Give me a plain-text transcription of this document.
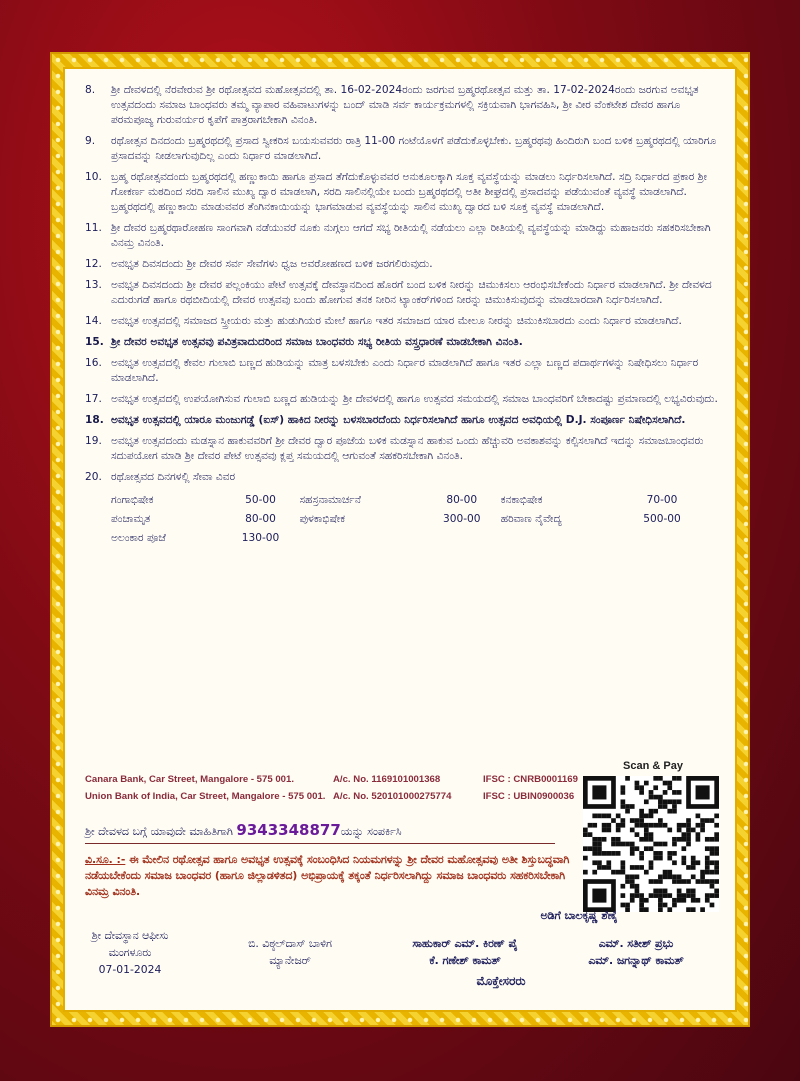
8. ಶ್ರೀ ದೇವಳದಲ್ಲಿ ನೆರವೇರುವ ಶ್ರೀ ರಥೋತ್ಸವದ ಮಹೋತ್ಸವದಲ್ಲಿ ತಾ. 16-02-2024ರಂದು ಜರಗುವ ಬ್ರಹ್ಮರಥೋತ್ಸವ ಮತ್ತು ತಾ. 17-02-2024ರಂದು ಜರಗುವ ಅವಭೃತ ಉತ್ಸವದಂದು ಸಮಾಜ ಬಾಂಧವರು ತಮ್ಮ ವ್ಯಾಪಾರ ವಹಿವಾಟುಗಳನ್ನು ಬಂದ್ ಮಾಡಿ ಸರ್ವ ಕಾರ್ಯಕ್ರಮಗಳಲ್ಲಿ ಸಕ್ರಿಯವಾಗಿ ಭಾಗವಹಿಸಿ, ಶ್ರೀ ವೀರ ವೆಂಕಟೇಶ ದೇವರ ಹಾಗೂ ಪರಮಪೂಜ್ಯ ಗುರುವರ್ಯರ ಕೃಪೆಗೆ ಪಾತ್ರರಾಗಬೇಕಾಗಿ ವಿನಂತಿ.
9. ರಥೋತ್ಸವ ದಿನದಂದು ಬ್ರಹ್ಮರಥದಲ್ಲಿ ಪ್ರಸಾದ ಸ್ವೀಕರಿಸ ಬಯಸುವವರು ರಾತ್ರಿ 11-00 ಗಂಟೆಯೊಳಗೆ ಪಡೆದುಕೊಳ್ಳಬೇಕು. ಬ್ರಹ್ಮರಥವು ಹಿಂದಿರುಗಿ ಬಂದ ಬಳಿಕ ಬ್ರಹ್ಮರಥದಲ್ಲಿ ಯಾರಿಗೂ ಪ್ರಸಾದವನ್ನು ನೀಡಲಾಗುವುದಿಲ್ಲ ಎಂದು ನಿರ್ಧಾರ ಮಾಡಲಾಗಿದೆ.
10. ಬ್ರಹ್ಮ ರಥೋತ್ಸವದಂದು ಬ್ರಹ್ಮರಥದಲ್ಲಿ ಹಣ್ಣುಕಾಯಿ ಹಾಗೂ ಪ್ರಸಾದ ತೆಗೆದುಕೊಳ್ಳುವವರ ಅನುಕೂಲಕ್ಕಾಗಿ ಸೂಕ್ತ ವ್ಯವಸ್ಥೆಯನ್ನು ಮಾಡಲು ನಿರ್ಧರಿಸಲಾಗಿದೆ. ಸದ್ರಿ ನಿರ್ಧಾರದ ಪ್ರಕಾರ ಶ್ರೀ ಗೋಕರ್ಣ ಮಠದಿಂದ ಸರದಿ ಸಾಲಿನ ಮುಖ್ಯ ದ್ವಾರ ಮಾಡಲಾಗಿ, ಸರದಿ ಸಾಲಿನಲ್ಲಿಯೇ ಬಂದು ಬ್ರಹ್ಮರಥದಲ್ಲಿ ಅತೀ ಶೀಘ್ರದಲ್ಲಿ ಪ್ರಸಾದವನ್ನು ಪಡೆಯುವಂತೆ ವ್ಯವಸ್ಥೆ ಮಾಡಲಾಗಿದೆ. ಬ್ರಹ್ಮರಥದಲ್ಲಿ ಹಣ್ಣುಕಾಯಿ ಮಾಡುವವರ ತೆಂಗಿನಕಾಯಿಯನ್ನು ಭಾಗಮಾಡುವ ವ್ಯವಸ್ಥೆಯನ್ನು ಸಾಲಿನ ಮುಖ್ಯ ದ್ವಾರದ ಬಳಿ ಸೂಕ್ತ ವ್ಯವಸ್ಥೆ ಮಾಡಲಾಗಿದೆ.
11. ಶ್ರೀ ದೇವರ ಬ್ರಹ್ಮರಥಾರೋಹಣ ಸಾಂಗವಾಗಿ ನಡೆಯುವರೆ ನೂಕು ನುಗ್ಗಲು ಆಗದೆ ಸಭ್ಯ ರೀತಿಯಲ್ಲಿ ನಡೆಯಲು ಎಲ್ಲಾ ರೀತಿಯಲ್ಲಿ ವ್ಯವಸ್ಥೆಯನ್ನು ಮಾಡಿದ್ದು ಮಹಾಜನರು ಸಹಕರಿಸಬೇಕಾಗಿ ವಿನಮ್ರ ವಿನಂತಿ.
12. ಅವಭೃತ ದಿವಸದಂದು ಶ್ರೀ ದೇವರ ಸರ್ವ ಸೇವೆಗಳು ಧ್ವಜ ಅವರೋಹಣದ ಬಳಿಕ ಜರಗಲಿರುವುದು.
13. ಅವಭೃತ ದಿವಸದಂದು ಶ್ರೀ ದೇವರ ಪಲ್ಲಂಕಿಯು ಪೇಟೆ ಉತ್ಸವಕ್ಕೆ ದೇವಸ್ಥಾನದಿಂದ ಹೊರಗೆ ಬಂದ ಬಳಿಕ ನೀರನ್ನು ಚಿಮುಕಿಸಲು ಆರಂಭಿಸಬೇಕೆಂದು ನಿರ್ಧಾರ ಮಾಡಲಾಗಿದೆ. ಶ್ರೀ ದೇವಳದ ಎದುರುಗಡೆ ಹಾಗೂ ರಥಬೀದಿಯಲ್ಲಿ ದೇವರ ಉತ್ಸವವು ಬಂದು ಹೋಗುವ ತನಕ ನೀರಿನ ಟ್ಯಾಂಕರ್‌ಗಳಿಂದ ನೀರನ್ನು ಚಿಮುಕಿಸುವುದನ್ನು ಮಾಡಬಾರದಾಗಿ ನಿರ್ಧರಿಸಲಾಗಿದೆ.
14. ಅವಭೃತ ಉತ್ಸವದಲ್ಲಿ ಸಮಾಜದ ಸ್ತ್ರೀಯರು ಮತ್ತು ಹುಡುಗಿಯರ ಮೇಲೆ ಹಾಗೂ ಇತರ ಸಮಾಜದ ಯಾರ ಮೇಲೂ ನೀರನ್ನು ಚಿಮುಕಿಸಬಾರದು ಎಂದು ನಿರ್ಧಾರ ಮಾಡಲಾಗಿದೆ.
15. ಶ್ರೀ ದೇವರ ಅವಭೃತ ಉತ್ಸವವು ಪವಿತ್ರವಾದುದರಿಂದ ಸಮಾಜ ಬಾಂಧವರು ಸಭ್ಯ ರೀತಿಯ ವಸ್ತ್ರಧಾರಣೆ ಮಾಡಬೇಕಾಗಿ ವಿನಂತಿ.
16. ಅವಭೃತ ಉತ್ಸವದಲ್ಲಿ ಕೇವಲ ಗುಲಾಬಿ ಬಣ್ಣದ ಹುಡಿಯನ್ನು ಮಾತ್ರ ಬಳಸಬೇಕು ಎಂದು ನಿರ್ಧಾರ ಮಾಡಲಾಗಿದೆ ಹಾಗೂ ಇತರ ಎಲ್ಲಾ ಬಣ್ಣದ ಪದಾರ್ಥಗಳನ್ನು ನಿಷೇಧಿಸಲು ನಿರ್ಧಾರ ಮಾಡಲಾಗಿದೆ.
17. ಅವಭೃತ ಉತ್ಸವದಲ್ಲಿ ಉಪಯೋಗಿಸುವ ಗುಲಾಬಿ ಬಣ್ಣದ ಹುಡಿಯನ್ನು ಶ್ರೀ ದೇವಳದಲ್ಲಿ ಹಾಗೂ ಉತ್ಸವದ ಸಮಯದಲ್ಲಿ ಸಮಾಜ ಬಾಂಧವರಿಗೆ ಬೇಕಾದಷ್ಟು ಪ್ರಮಾಣದಲ್ಲಿ ಲಭ್ಯವಿರುವುದು.
18. ಅವಭೃತ ಉತ್ಸವದಲ್ಲಿ ಯಾರೂ ಮಂಜುಗಡ್ಡೆ (ಐಸ್) ಹಾಕಿದ ನೀರನ್ನು ಬಳಸಬಾರದೆಂದು ನಿರ್ಧರಿಸಲಾಗಿದೆ ಹಾಗೂ ಉತ್ಸವದ ಅವಧಿಯಲ್ಲಿ D.J. ಸಂಪೂರ್ಣ ನಿಷೇಧಿಸಲಾಗಿದೆ.
19. ಅವಭೃತ ಉತ್ಸವದಂದು ಮಡಸ್ನಾನ ಹಾಕುವವರಿಗೆ ಶ್ರೀ ದೇವರ ದ್ವಾರ ಪೂಜೆಯ ಬಳಿಕ ಮಡಸ್ನಾನ ಹಾಕುವ ಒಂದು ಹೆಚ್ಚುವರಿ ಅವಕಾಶವನ್ನು ಕಲ್ಪಿಸಲಾಗಿದೆ ಇದನ್ನು ಸಮಾಜಬಾಂಧವರು ಸದುಪಯೋಗ ಮಾಡಿ ಶ್ರೀ ದೇವರ ಪೇಟೆ ಉತ್ಸವವು ಕ್ಲಪ್ತ ಸಮಯದಲ್ಲಿ ಆಗುವಂತೆ ಸಹಕರಿಸಬೇಕಾಗಿ ವಿನಂತಿ.
20. ರಥೋತ್ಸವದ ದಿನಗಳಲ್ಲಿ ಸೇವಾ ವಿವರ
ಗಂಗಾಭಿಷೇಕ	50-00	ಸಹಸ್ರನಾಮಾರ್ಚನೆ	80-00	ಕನಕಾಭಿಷೇಕ	70-00
ಪಂಚಾಮೃತ	80-00	ಪುಳಕಾಭಿಷೇಕ	300-00	ಹರಿವಾಣ ನೈವೇದ್ಯ	500-00
ಅಲಂಕಾರ ಪೂಜೆ	130-00				
Canara Bank, Car Street, Mangalore - 575 001.	A/c. No. 1169101001368	IFSC : CNRB0001169
Union Bank of India, Car Street, Mangalore - 575 001. A/c. No. 520101000275774	IFSC : UBIN0900036
Scan & Pay
ಶ್ರೀ ದೇವಳದ ಬಗ್ಗೆ ಯಾವುದೇ ಮಾಹಿತಿಗಾಗಿ 9343348877ಯನ್ನು ಸಂಪರ್ಕಿಸಿ
ವಿ.ಸೂ. :- ಈ ಮೇಲಿನ ರಥೋತ್ಸವ ಹಾಗೂ ಅವಭೃತ ಉತ್ಸವಕ್ಕೆ ಸಂಬಂಧಿಸಿದ ನಿಯಮಗಳನ್ನು ಶ್ರೀ ದೇವರ ಮಹೋತ್ಸವವು ಅತೀ ಶಿಸ್ತುಬದ್ಧವಾಗಿ ನಡೆಯಬೇಕೆಂದು ಸಮಾಜ ಬಾಂಧವರ (ಹಾಗೂ ಜಿಲ್ಲಾಡಳಿತದ) ಅಭಿಪ್ರಾಯಕ್ಕೆ ತಕ್ಕಂತೆ ನಿರ್ಧರಿಸಲಾಗಿದ್ದು ಸಮಾಜ ಬಾಂಧವರು ಸಹಕರಿಸಬೇಕಾಗಿ ವಿನಮ್ರ ವಿನಂತಿ.
ಅಡಿಗೆ ಬಾಲಕೃಷ್ಣ ಶೆಣೈ
ಶ್ರೀ ದೇವಸ್ಥಾನ ಆಫೀಸು
ಮಂಗಳೂರು
07-01-2024
ಬಿ. ವಿಠ್ಠಲ್‌ದಾಸ್ ಬಾಳಿಗ
ಮ್ಯಾನೇಜರ್
ಸಾಹುಕಾರ್ ಎಮ್. ಕಿರಣ್ ಪೈ
ಕೆ. ಗಣೇಶ್ ಕಾಮತ್
ಎಮ್. ಸತೀಶ್ ಪ್ರಭು
ಎಮ್. ಜಗನ್ನಾಥ್ ಕಾಮತ್
ಮೊಕ್ತೇಸರರು
